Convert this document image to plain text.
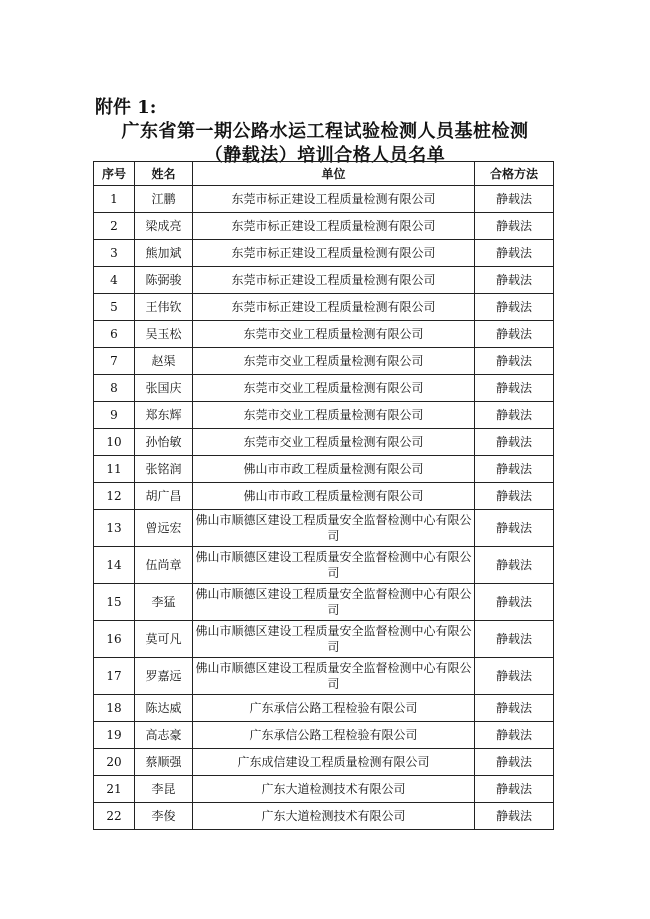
附件 1:
广东省第一期公路水运工程试验检测人员基桩检测
（静载法）培训合格人员名单
序号	姓名	单位	合格方法
1	江鹏	东莞市标正建设工程质量检测有限公司	静载法
2	梁成亮	东莞市标正建设工程质量检测有限公司	静载法
3	熊加斌	东莞市标正建设工程质量检测有限公司	静载法
4	陈弼骏	东莞市标正建设工程质量检测有限公司	静载法
5	王伟钦	东莞市标正建设工程质量检测有限公司	静载法
6	吴玉松	东莞市交业工程质量检测有限公司	静载法
7	赵渠	东莞市交业工程质量检测有限公司	静载法
8	张国庆	东莞市交业工程质量检测有限公司	静载法
9	郑东辉	东莞市交业工程质量检测有限公司	静载法
10	孙怡敏	东莞市交业工程质量检测有限公司	静载法
11	张铭润	佛山市市政工程质量检测有限公司	静载法
12	胡广昌	佛山市市政工程质量检测有限公司	静载法
13	曾远宏	佛山市顺德区建设工程质量安全监督检测中心有限公司	静载法
14	伍尚章	佛山市顺德区建设工程质量安全监督检测中心有限公司	静载法
15	李猛	佛山市顺德区建设工程质量安全监督检测中心有限公司	静载法
16	莫可凡	佛山市顺德区建设工程质量安全监督检测中心有限公司	静载法
17	罗嘉远	佛山市顺德区建设工程质量安全监督检测中心有限公司	静载法
18	陈达威	广东承信公路工程检验有限公司	静载法
19	高志豪	广东承信公路工程检验有限公司	静载法
20	蔡顺强	广东成信建设工程质量检测有限公司	静载法
21	李昆	广东大道检测技术有限公司	静载法
22	李俊	广东大道检测技术有限公司	静载法
